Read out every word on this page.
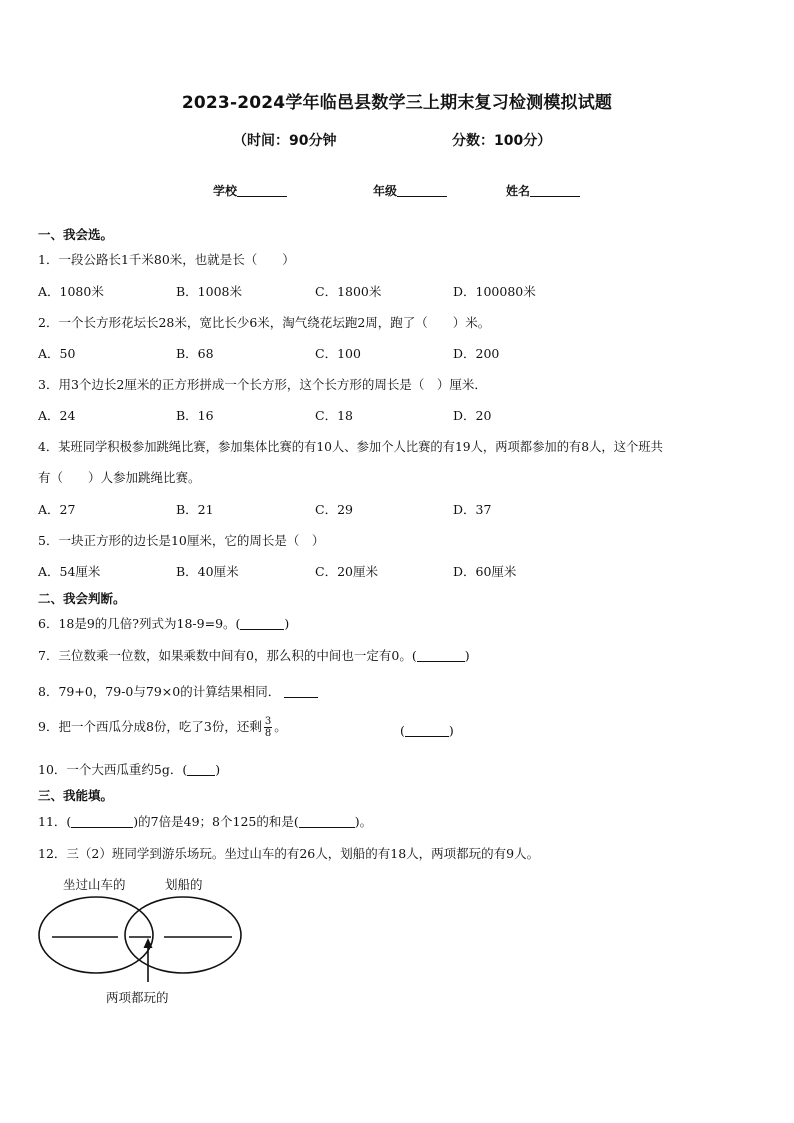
2023-2024学年临邑县数学三上期末复习检测模拟试题
（时间：90分钟	分数：100分）
学校	年级	姓名
一、我会选。
1．一段公路长1千米80米，也就是长（　　）
A．1080米	B．1008米	C．1800米	D．100080米
2．一个长方形花坛长28米，宽比长少6米，淘气绕花坛跑2周，跑了（　　）米。
A．50	B．68	C．100	D．200
3．用3个边长2厘米的正方形拼成一个长方形，这个长方形的周长是（　）厘米．
A．24	B．16	C．18	D．20
4．某班同学积极参加跳绳比赛，参加集体比赛的有10人、参加个人比赛的有19人，两项都参加的有8人，这个班共
有（　　）人参加跳绳比赛。
A．27	B．21	C．29	D．37
5．一块正方形的边长是10厘米，它的周长是（　）
A．54厘米	B．40厘米	C．20厘米	D．60厘米
二、我会判断。
6．18是9的几倍?列式为18-9=9。(	)
7．三位数乘一位数，如果乘数中间有0，那么积的中间也一定有0。(	)
8．79+0，79-0与79×0的计算结果相同．
9．把一个西瓜分成8份，吃了3份，还剩 $\frac{3}{8}$ 。	(	)
10．一个大西瓜重约5g．( )
三、我能填。
11．(	)的7倍是49；8个125的和是(	)。
12．三（2）班同学到游乐场玩。坐过山车的有26人，划船的有18人，两项都玩的有9人。
坐过山车的	划船的
两项都玩的
